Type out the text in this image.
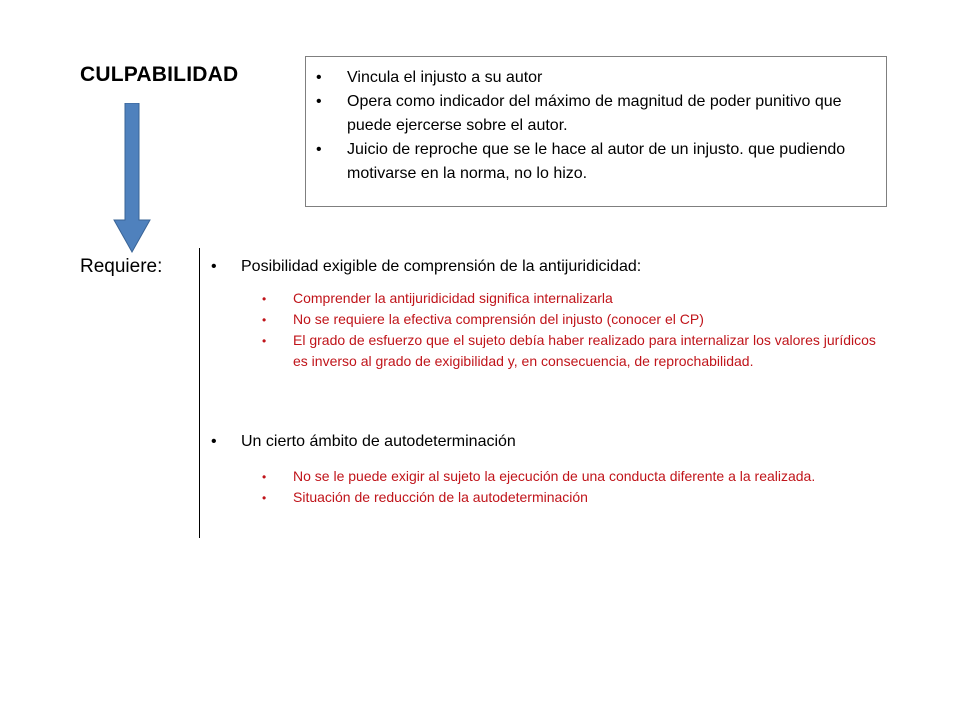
CULPABILIDAD	• Vincula el injusto a su autor
• Opera como indicador del máximo de magnitud de poder punitivo que puede ejercerse sobre el autor.
• Juicio de reproche que se le hace al autor de un injusto. que pudiendo motivarse en la norma, no lo hizo.
Requiere:	• Posibilidad exigible de comprensión de la antijuridicidad:
• Comprender la antijuridicidad significa internalizarla
• No se requiere la efectiva comprensión del injusto (conocer el CP)
• El grado de esfuerzo que el sujeto debía haber realizado para internalizar los valores jurídicos es inverso al grado de exigibilidad y, en consecuencia, de reprochabilidad.
• Un cierto ámbito de autodeterminación
• No se le puede exigir al sujeto la ejecución de una conducta diferente a la realizada.
• Situación de reducción de la autodeterminación
